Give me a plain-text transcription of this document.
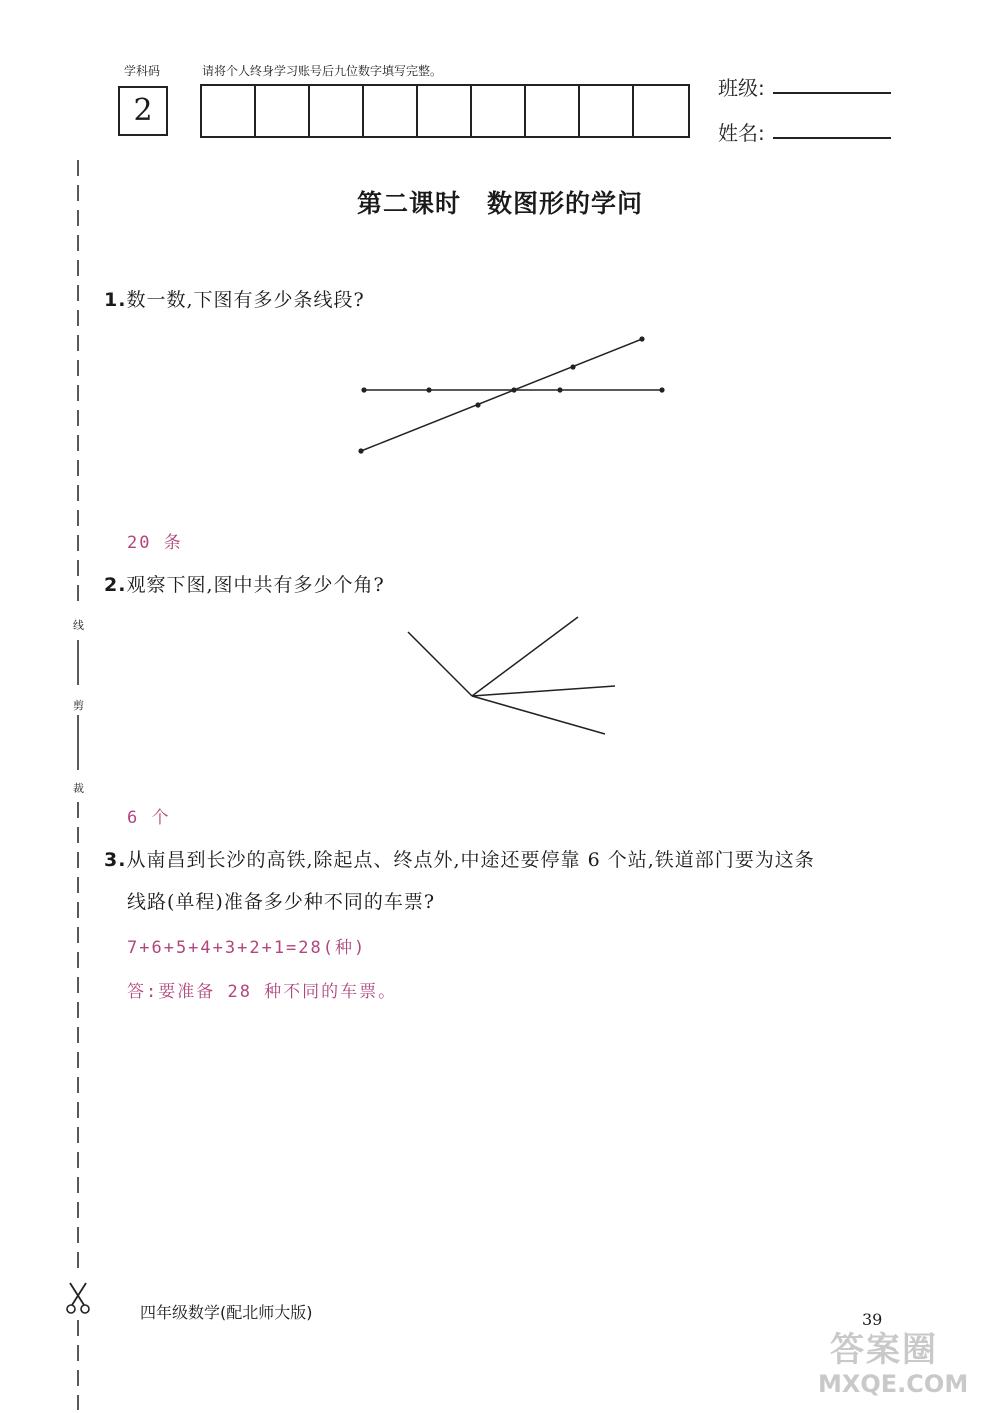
学科码
2
请将个人终身学习账号后九位数字填写完整。
班级:
姓名:
线
剪
裁
第二课时　数图形的学问
1.数一数,下图有多少条线段?
20 条
2.观察下图,图中共有多少个角?
6 个
3.从南昌到长沙的高铁,除起点、终点外,中途还要停靠 6 个站,铁道部门要为这条
线路(单程)准备多少种不同的车票?
7+6+5+4+3+2+1=28(种)
答:要准备 28 种不同的车票。
四年级数学(配北师大版)	39
答案圈
MXQE.COM
